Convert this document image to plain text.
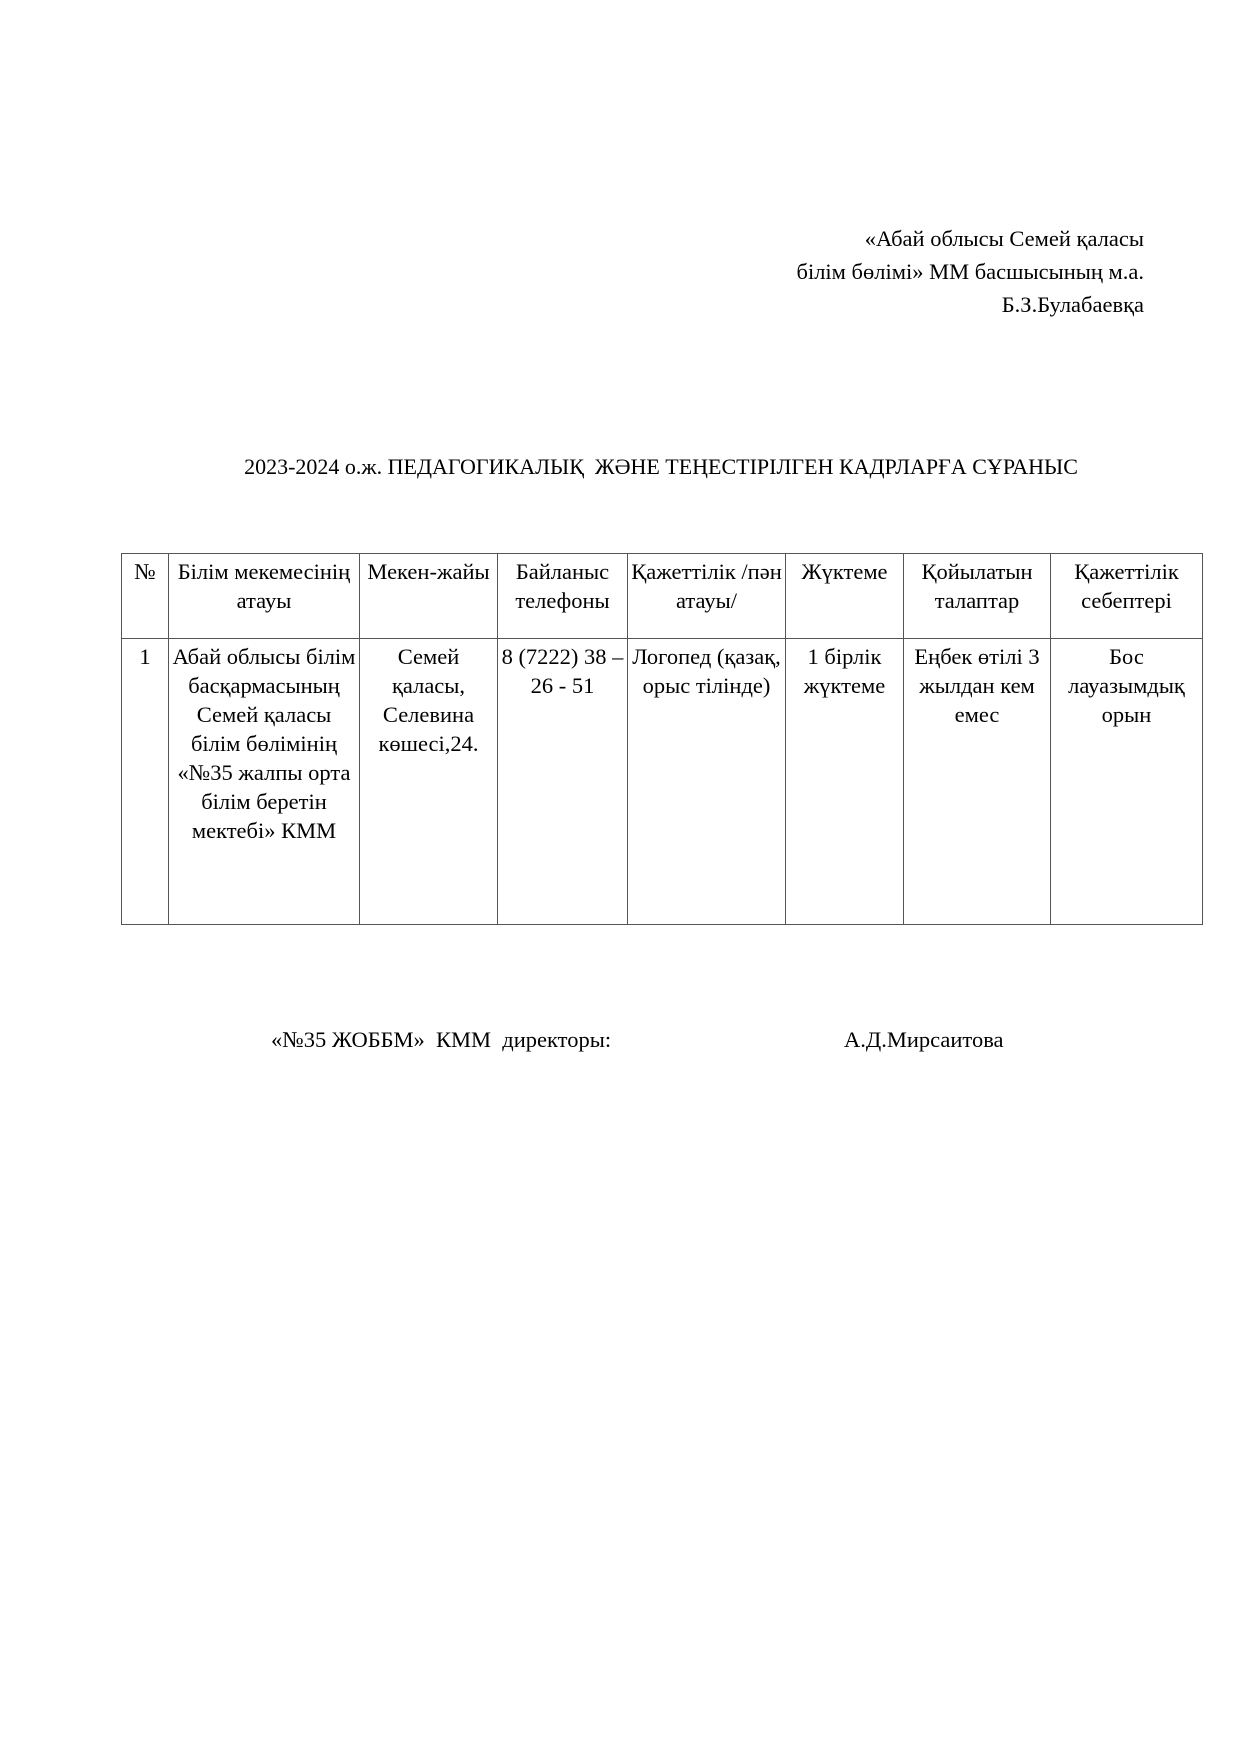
«Абай облысы Семей қаласы
білім бөлімі» ММ басшысының м.а.
Б.З.Булабаевқа
2023-2024 о.ж. ПЕДАГОГИКАЛЫҚ  ЖӘНЕ ТЕҢЕСТІРІЛГЕН КАДРЛАРҒА СҰРАНЫС
№	Білім мекемесінің атауы	Мекен-жайы	Байланыс телефоны	Қажеттілік /пән атауы/	Жүктеме	Қойылатын талаптар	Қажеттілік себептері
1	Абай облысы білім басқармасының Семей қаласы білім бөлімінің «№35 жалпы орта білім беретін мектебі» КММ	Семей қаласы, Селевина көшесі,24.	8 (7222) 38 – 26 - 51	Логопед (қазақ, орыс тілінде)	1 бірлік жүктеме	Еңбек өтілі 3 жылдан кем емес	Бос лауазымдық орын
«№35 ЖОББМ»  КММ  директоры:	А.Д.Мирсаитова
